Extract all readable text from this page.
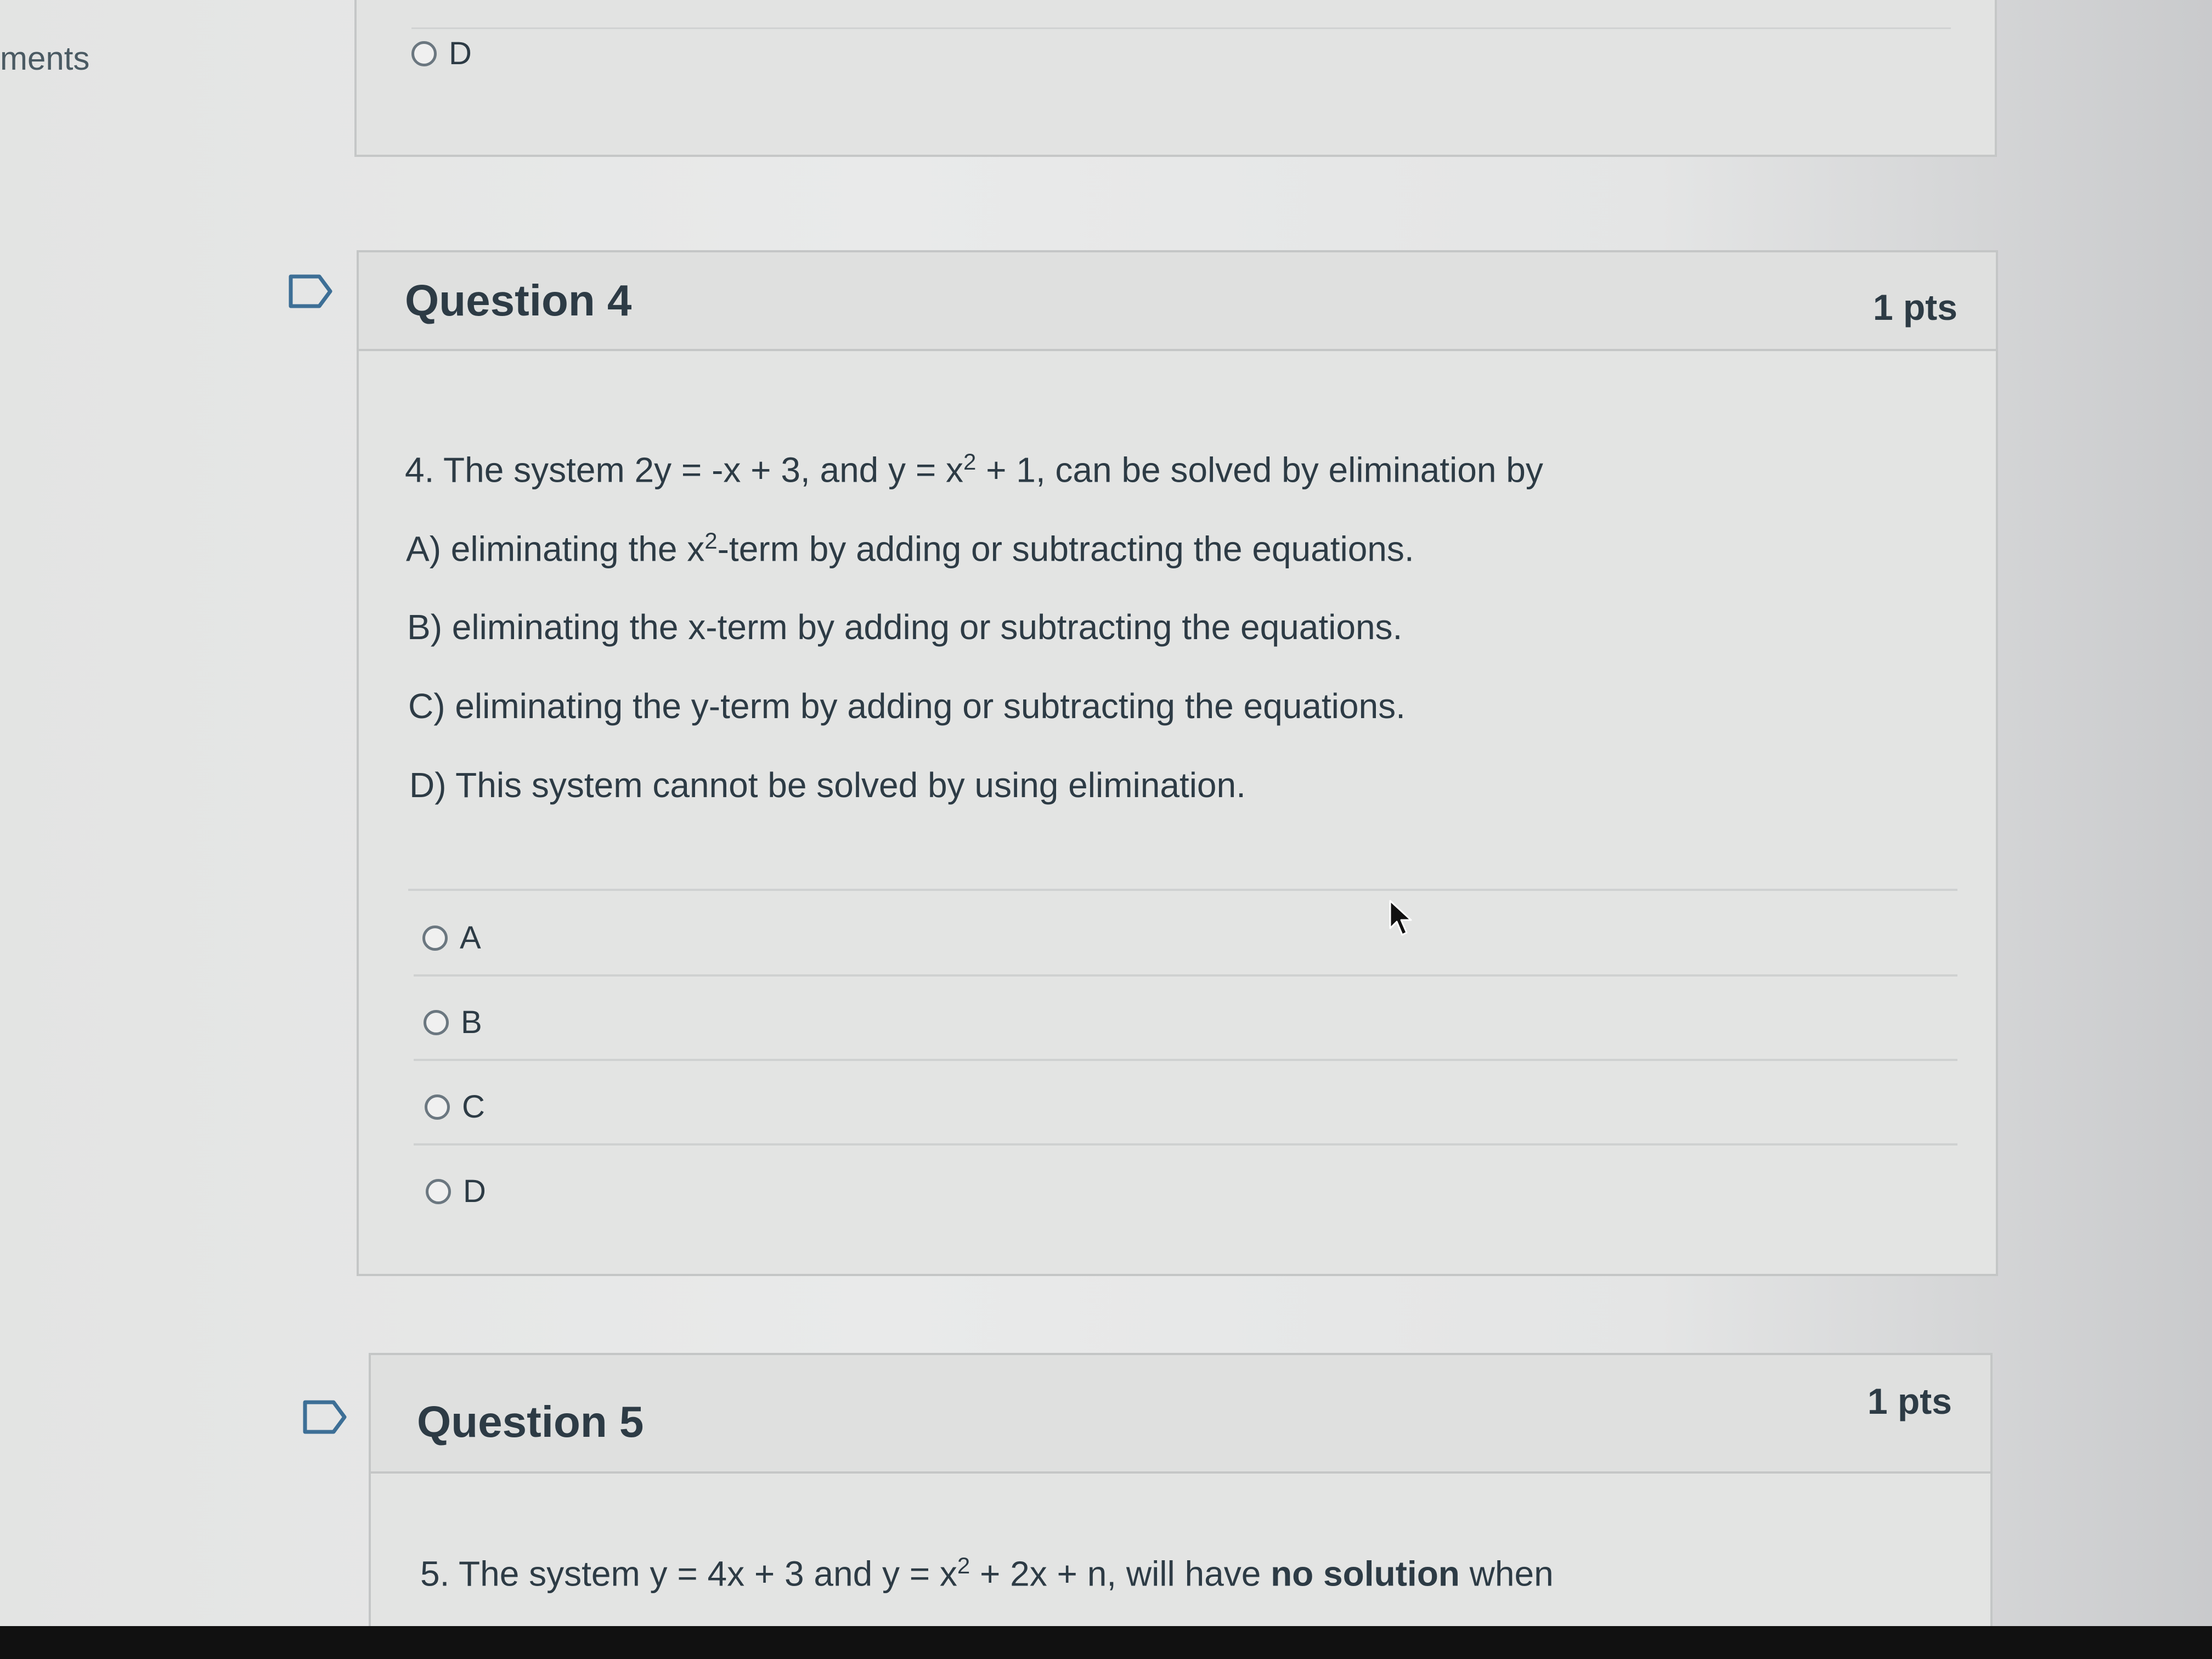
ments	D
Question 4	1 pts
4. The system 2y = -x + 3, and $y = x^2 + 1$, can be solved by elimination by
A) eliminating the $x^2$-term by adding or subtracting the equations.
B) eliminating the x-term by adding or subtracting the equations.
C) eliminating the y-term by adding or subtracting the equations.
D) This system cannot be solved by using elimination.
A
B
C
D
Question 5	1 pts
5. The system y = 4x + 3 and $y = x^2 + 2x + n$, will have no solution when
